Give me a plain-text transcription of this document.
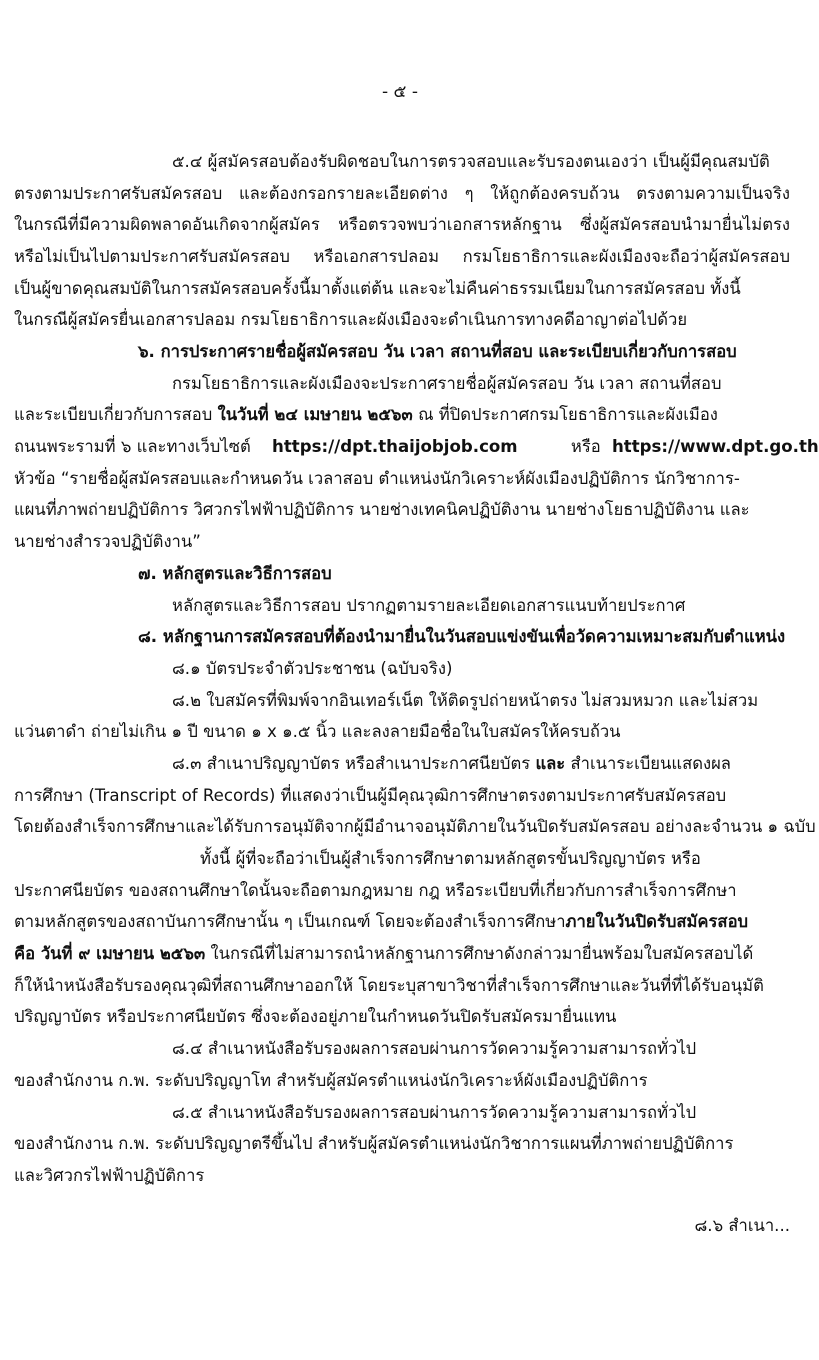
- ๕ -
๕.๔ ผู้สมัครสอบต้องรับผิดชอบในการตรวจสอบและรับรองตนเองว่า เป็นผู้มีคุณสมบัติ
ตรงตามประกาศรับสมัครสอบ และต้องกรอกรายละเอียดต่าง ๆ ให้ถูกต้องครบถ้วน ตรงตามความเป็นจริง
ในกรณีที่มีความผิดพลาดอันเกิดจากผู้สมัคร หรือตรวจพบว่าเอกสารหลักฐาน ซึ่งผู้สมัครสอบนำมายื่นไม่ตรง
หรือไม่เป็นไปตามประกาศรับสมัครสอบ หรือเอกสารปลอม กรมโยธาธิการและผังเมืองจะถือว่าผู้สมัครสอบ
เป็นผู้ขาดคุณสมบัติในการสมัครสอบครั้งนี้มาตั้งแต่ต้น และจะไม่คืนค่าธรรมเนียมในการสมัครสอบ ทั้งนี้
ในกรณีผู้สมัครยื่นเอกสารปลอม กรมโยธาธิการและผังเมืองจะดำเนินการทางคดีอาญาต่อไปด้วย
๖. การประกาศรายชื่อผู้สมัครสอบ วัน เวลา สถานที่สอบ และระเบียบเกี่ยวกับการสอบ
กรมโยธาธิการและผังเมืองจะประกาศรายชื่อผู้สมัครสอบ วัน เวลา สถานที่สอบ
และระเบียบเกี่ยวกับการสอบ ในวันที่ ๒๔ เมษายน ๒๕๖๓ ณ ที่ปิดประกาศกรมโยธาธิการและผังเมือง
ถนนพระรามที่ ๖ และทางเว็บไซต์ https://dpt.thaijobjob.com	หรือ https://www.dpt.go.th
หัวข้อ “รายชื่อผู้สมัครสอบและกำหนดวัน เวลาสอบ ตำแหน่งนักวิเคราะห์ผังเมืองปฏิบัติการ นักวิชาการ-
แผนที่ภาพถ่ายปฏิบัติการ วิศวกรไฟฟ้าปฏิบัติการ นายช่างเทคนิคปฏิบัติงาน นายช่างโยธาปฏิบัติงาน และ
นายช่างสำรวจปฏิบัติงาน”
๗. หลักสูตรและวิธีการสอบ
หลักสูตรและวิธีการสอบ ปรากฏตามรายละเอียดเอกสารแนบท้ายประกาศ
๘. หลักฐานการสมัครสอบที่ต้องนำมายื่นในวันสอบแข่งขันเพื่อวัดความเหมาะสมกับตำแหน่ง
๘.๑ บัตรประจำตัวประชาชน (ฉบับจริง)
๘.๒ ใบสมัครที่พิมพ์จากอินเทอร์เน็ต ให้ติดรูปถ่ายหน้าตรง ไม่สวมหมวก และไม่สวม
แว่นตาดำ ถ่ายไม่เกิน ๑ ปี ขนาด ๑ x ๑.๕ นิ้ว และลงลายมือชื่อในใบสมัครให้ครบถ้วน
๘.๓ สำเนาปริญญาบัตร หรือสำเนาประกาศนียบัตร และ สำเนาระเบียนแสดงผล
การศึกษา (Transcript of Records) ที่แสดงว่าเป็นผู้มีคุณวุฒิการศึกษาตรงตามประกาศรับสมัครสอบ
โดยต้องสำเร็จการศึกษาและได้รับการอนุมัติจากผู้มีอำนาจอนุมัติภายในวันปิดรับสมัครสอบ อย่างละจำนวน ๑ ฉบับ
ทั้งนี้ ผู้ที่จะถือว่าเป็นผู้สำเร็จการศึกษาตามหลักสูตรขั้นปริญญาบัตร หรือ
ประกาศนียบัตร ของสถานศึกษาใดนั้นจะถือตามกฎหมาย กฎ หรือระเบียบที่เกี่ยวกับการสำเร็จการศึกษา
ตามหลักสูตรของสถาบันการศึกษานั้น ๆ เป็นเกณฑ์ โดยจะต้องสำเร็จการศึกษาภายในวันปิดรับสมัครสอบ
คือ วันที่ ๙ เมษายน ๒๕๖๓ ในกรณีที่ไม่สามารถนำหลักฐานการศึกษาดังกล่าวมายื่นพร้อมใบสมัครสอบได้
ก็ให้นำหนังสือรับรองคุณวุฒิที่สถานศึกษาออกให้ โดยระบุสาขาวิชาที่สำเร็จการศึกษาและวันที่ที่ได้รับอนุมัติ
ปริญญาบัตร หรือประกาศนียบัตร ซึ่งจะต้องอยู่ภายในกำหนดวันปิดรับสมัครมายื่นแทน
๘.๔ สำเนาหนังสือรับรองผลการสอบผ่านการวัดความรู้ความสามารถทั่วไป
ของสำนักงาน ก.พ. ระดับปริญญาโท สำหรับผู้สมัครตำแหน่งนักวิเคราะห์ผังเมืองปฏิบัติการ
๘.๕ สำเนาหนังสือรับรองผลการสอบผ่านการวัดความรู้ความสามารถทั่วไป
ของสำนักงาน ก.พ. ระดับปริญญาตรีขึ้นไป สำหรับผู้สมัครตำแหน่งนักวิชาการแผนที่ภาพถ่ายปฏิบัติการ
และวิศวกรไฟฟ้าปฏิบัติการ
๘.๖ สำเนา...
